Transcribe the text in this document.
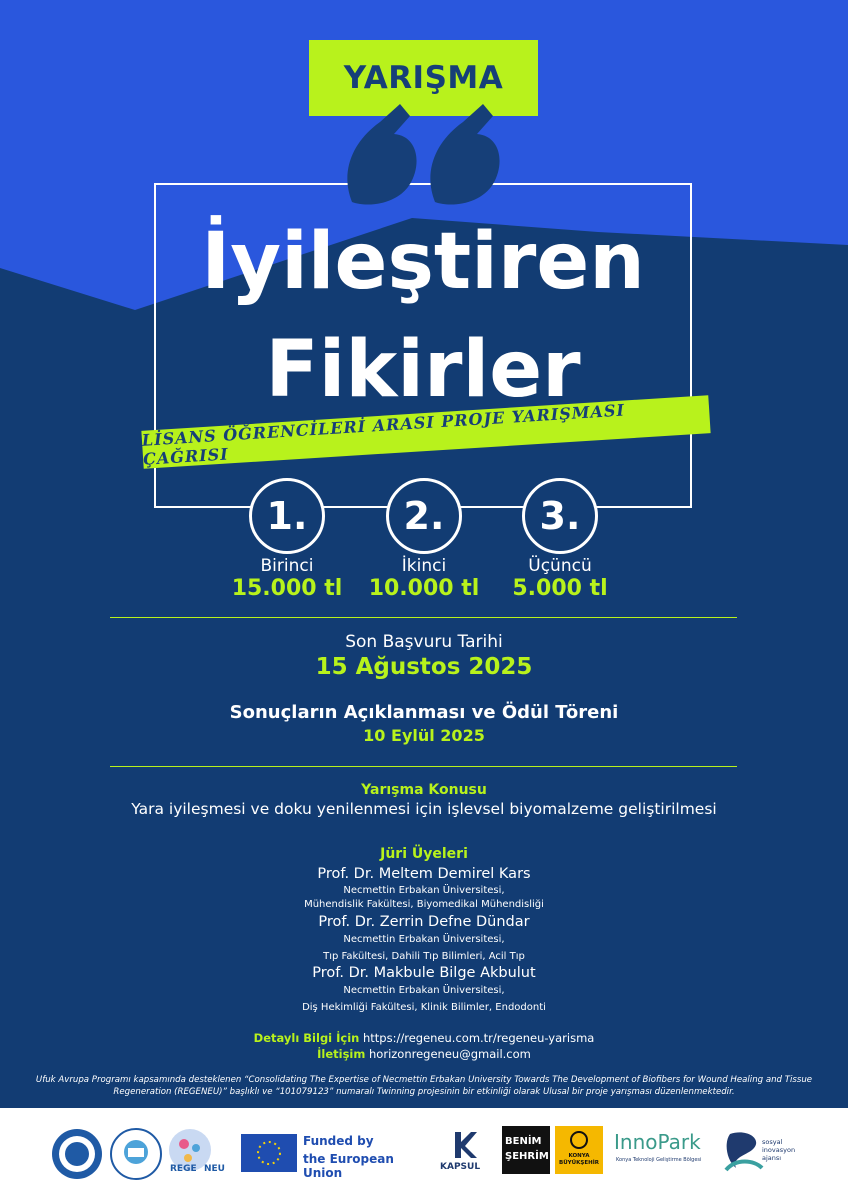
YARIŞMA
İyileştiren
Fikirler
LİSANS ÖĞRENCİLERİ ARASI PROJE YARIŞMASI ÇAĞRISI
1.
Birinci
15.000 tl
2.
İkinci
10.000 tl
3.
Üçüncü
5.000 tl
Son Başvuru Tarihi
15 Ağustos 2025
Sonuçların Açıklanması ve Ödül Töreni
10 Eylül 2025
Yarışma Konusu
Yara iyileşmesi ve doku yenilenmesi için işlevsel biyomalzeme geliştirilmesi
Jüri Üyeleri
Prof. Dr. Meltem Demirel Kars
Necmettin Erbakan Üniversitesi,
Mühendislik Fakültesi, Biyomedikal Mühendisliği
Prof. Dr. Zerrin Defne Dündar
Necmettin Erbakan Üniversitesi,
Tıp Fakültesi, Dahili Tıp Bilimleri, Acil Tıp
Prof. Dr. Makbule Bilge Akbulut
Necmettin Erbakan Üniversitesi,
Diş Hekimliği Fakültesi, Klinik Bilimler, Endodonti
Detaylı Bilgi İçin https://regeneu.com.tr/regeneu-yarisma
İletişim horizonregeneu@gmail.com
Ufuk Avrupa Programı kapsamında desteklenen “Consolidating The Expertise of Necmettin Erbakan University Towards The Development of Biofibers for Wound Healing and Tissue Regeneration (REGENEU)” başlıklı ve “101079123” numaralı Twinning projesinin bir etkinliği olarak Ulusal bir proje yarışması düzenlenmektedir.
REGE NEU
Funded by
the European Union	KAPSUL
BENİM
ŞEHRİM	KONYA BÜYÜKŞEHİR
InnoPark
Konya Teknoloji Geliştirme Bölgesi
sosyal inovasyon ajansı
